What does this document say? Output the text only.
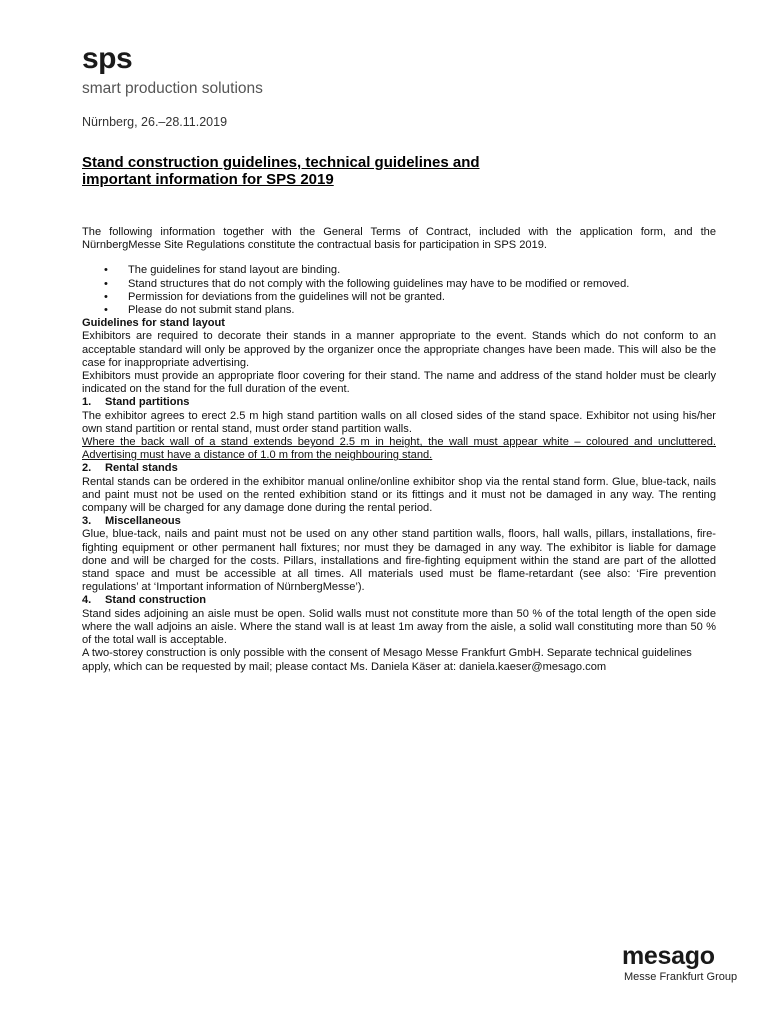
sps
smart production solutions
Nürnberg, 26.–28.11.2019
Stand construction guidelines, technical guidelines and
important information for SPS 2019

The following information together with the General Terms of Contract, included with the application form, and the NürnbergMesse Site Regulations constitute the contractual basis for participation in SPS 2019.

• The guidelines for stand layout are binding.
• Stand structures that do not comply with the following guidelines may have to be modified or removed.
• Permission for deviations from the guidelines will not be granted.
• Please do not submit stand plans.

Guidelines for stand layout

Exhibitors are required to decorate their stands in a manner appropriate to the event. Stands which do not conform to an acceptable standard will only be approved by the organizer once the appropriate changes have been made. This will also be the case for inappropriate advertising.

Exhibitors must provide an appropriate floor covering for their stand. The name and address of the stand holder must be clearly indicated on the stand for the full duration of the event.

1. Stand partitions

The exhibitor agrees to erect 2.5 m high stand partition walls on all closed sides of the stand space. Exhibitor not using his/her own stand partition or rental stand, must order stand partition walls.

Where the back wall of a stand extends beyond 2.5 m in height, the wall must appear white – coloured and uncluttered. Advertising must have a distance of 1.0 m from the neighbouring stand.

2. Rental stands

Rental stands can be ordered in the exhibitor manual online/online exhibitor shop via the rental stand form. Glue, blue-tack, nails and paint must not be used on the rented exhibition stand or its fittings and it must not be damaged in any way. The renting company will be charged for any damage done during the rental period.

3. Miscellaneous

Glue, blue-tack, nails and paint must not be used on any other stand partition walls, floors, hall walls, pillars, installations, fire-fighting equipment or other permanent hall fixtures; nor must they be damaged in any way. The exhibitor is liable for damage done and will be charged for the costs. Pillars, installations and fire-fighting equipment within the stand are part of the allotted stand space and must be accessible at all times. All materials used must be flame-retardant (see also: ‘Fire prevention regulations’ at ‘Important information of NürnbergMesse’).

4. Stand construction

Stand sides adjoining an aisle must be open. Solid walls must not constitute more than 50 % of the total length of the open side where the wall adjoins an aisle. Where the stand wall is at least 1m away from the aisle, a solid wall constituting more than 50 % of the total wall is acceptable.

A two-storey construction is only possible with the consent of Mesago Messe Frankfurt GmbH. Separate technical guidelines apply, which can be requested by mail; please contact Ms. Daniela Käser at: daniela.kaeser@mesago.com

mesago
Messe Frankfurt Group
